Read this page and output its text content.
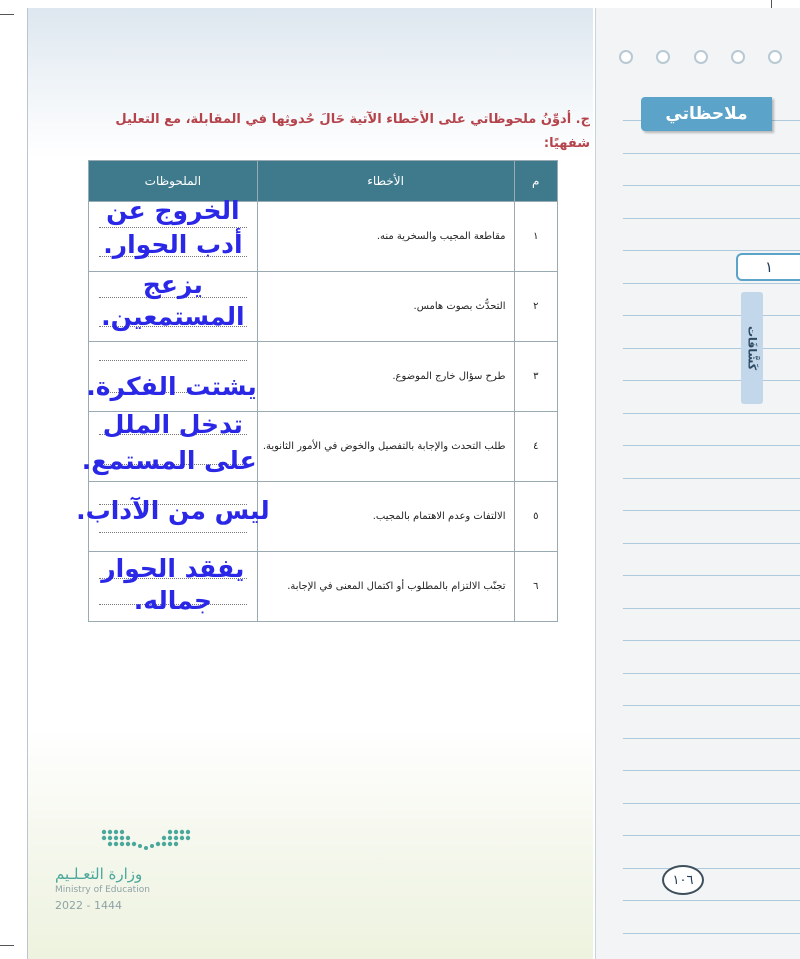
ملاحظاتي
١
كَشَّافَات
١٠٦
ج. أدوِّنُ ملحوظاتي على الأخطاء الآتية حَالَ حُدوثِها في المقابلة، مع التعليل شفهيًا:
م	الأخطاء	الملحوظات
١	مقاطعة المجيب والسخرية منه.	الخروج عن
أدب الحوار.

٢	التحدُّث بصوت هامس.	يزعج
المستمعين.

٣	طرح سؤال خارج الموضوع.	يشتت الفكرة.

٤	طلب التحدث والإجابة بالتفصيل والخوض في الأمور الثانوية.	تدخل الملل
على المستمع.

٥	الالتفات وعدم الاهتمام بالمجيب.	ليس من الآداب.

٦	تجنّب الالتزام بالمطلوب أو اكتمال المعنى في الإجابة.	يفقد الحوار
جماله.
وزارة التعـلـيم
Ministry of Education
2022 - 1444
